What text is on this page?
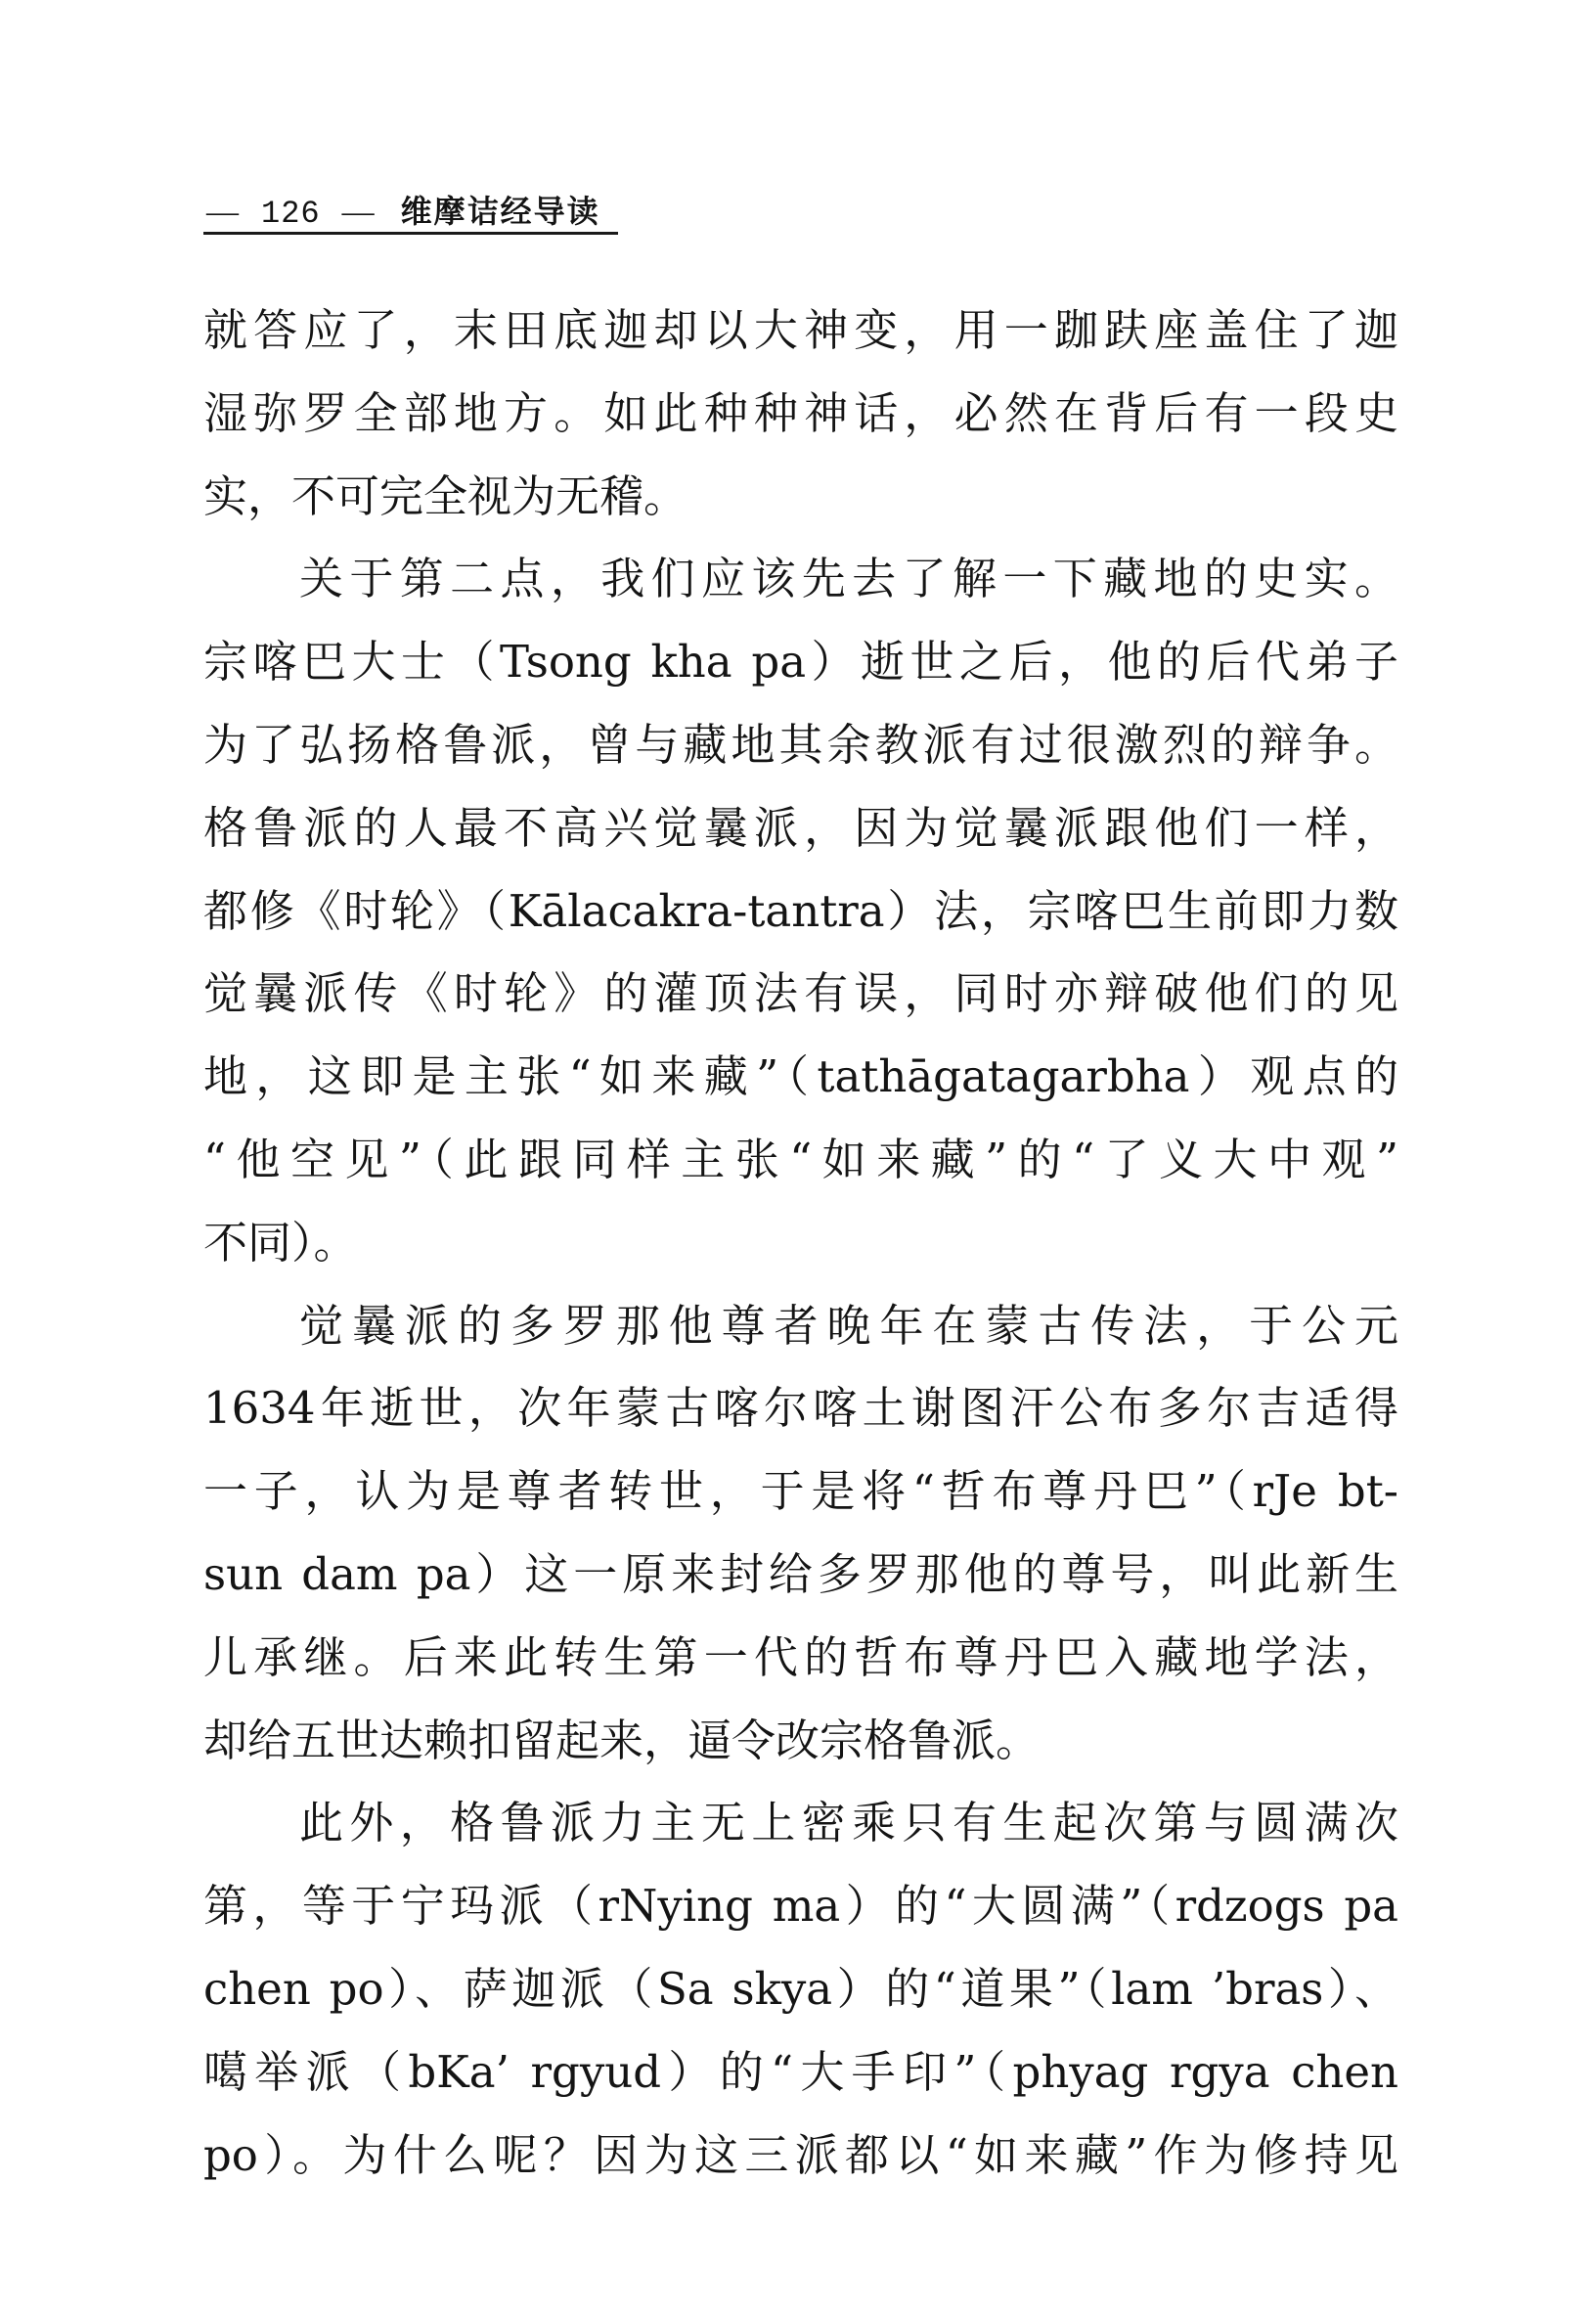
— 126 — 维摩诘经导读
就答应了，末田底迦却以大神变，用一跏趺座盖住了迦
湿弥罗全部地方。如此种种神话，必然在背后有一段史
实，不可完全视为无稽。
关于第二点，我们应该先去了解一下藏地的史实。
宗喀巴大士（Tsong kha pa）逝世之后，他的后代弟子
为了弘扬格鲁派，曾与藏地其余教派有过很激烈的辩争。
格鲁派的人最不高兴觉曩派，因为觉曩派跟他们一样，
都修《时轮》（Kālacakra-tantra）法，宗喀巴生前即力数
觉曩派传《时轮》的灌顶法有误，同时亦辩破他们的见
地，这即是主张“如来藏”（tathāgatagarbha）观点的
“他空见”（此跟同样主张“如来藏”的“了义大中观”
不同）。
觉曩派的多罗那他尊者晚年在蒙古传法，于公元
1634年逝世，次年蒙古喀尔喀土谢图汗公布多尔吉适得
一子，认为是尊者转世，于是将“哲布尊丹巴”（rJe bt-
sun dam pa）这一原来封给多罗那他的尊号，叫此新生
儿承继。后来此转生第一代的哲布尊丹巴入藏地学法，
却给五世达赖扣留起来，逼令改宗格鲁派。
此外，格鲁派力主无上密乘只有生起次第与圆满次
第，等于宁玛派（rNying ma）的“大圆满”（rdzogs pa
chen po）、萨迦派（Sa skya）的“道果”（lam ’bras）、
噶举派（bKa’ rgyud）的“大手印”（phyag rgya chen
po）。为什么呢？因为这三派都以“如来藏”作为修持见
